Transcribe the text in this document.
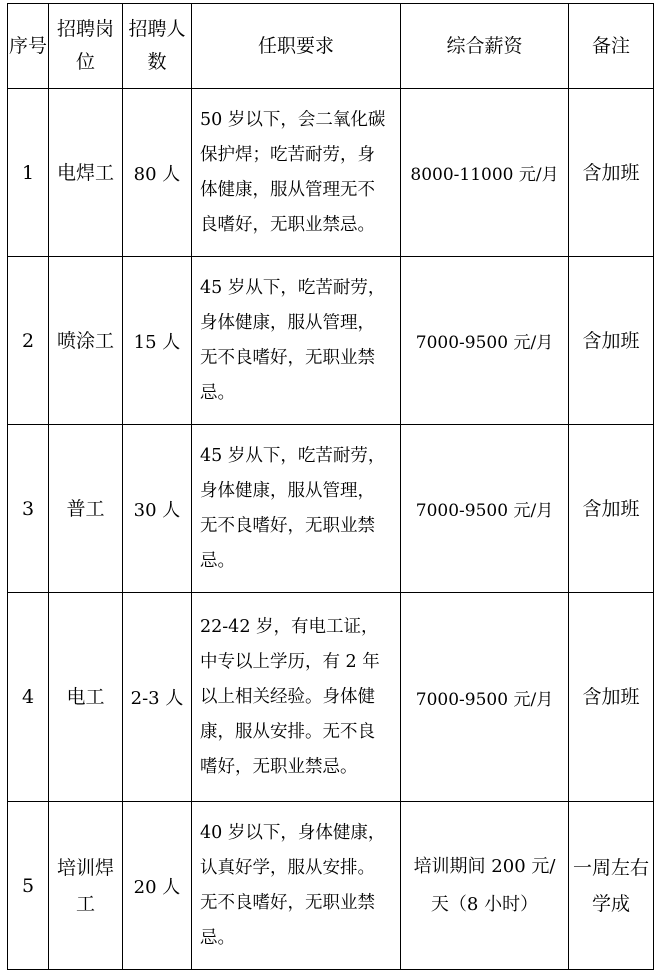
序号	招聘岗位	招聘人数	任职要求	综合薪资	备注
1	电焊工	80 人	50 岁以下，会二氧化碳
保护焊；吃苦耐劳，身
体健康，服从管理无不
良嗜好，无职业禁忌。	8000-11000 元/月	含加班
2	喷涂工	15 人	45 岁从下，吃苦耐劳，
身体健康，服从管理，
无不良嗜好，无职业禁
忌。	7000-9500 元/月	含加班
3	普工	30 人	45 岁从下，吃苦耐劳，
身体健康，服从管理，
无不良嗜好，无职业禁
忌。	7000-9500 元/月	含加班
4	电工	2-3 人	22-42 岁，有电工证，
中专以上学历，有 2 年
以上相关经验。身体健
康，服从安排。无不良
嗜好，无职业禁忌。	7000-9500 元/月	含加班
5	培训焊工	20 人	40 岁以下，身体健康，
认真好学，服从安排。
无不良嗜好，无职业禁
忌。	培训期间 200 元/天（8 小时）	一周左右学成
